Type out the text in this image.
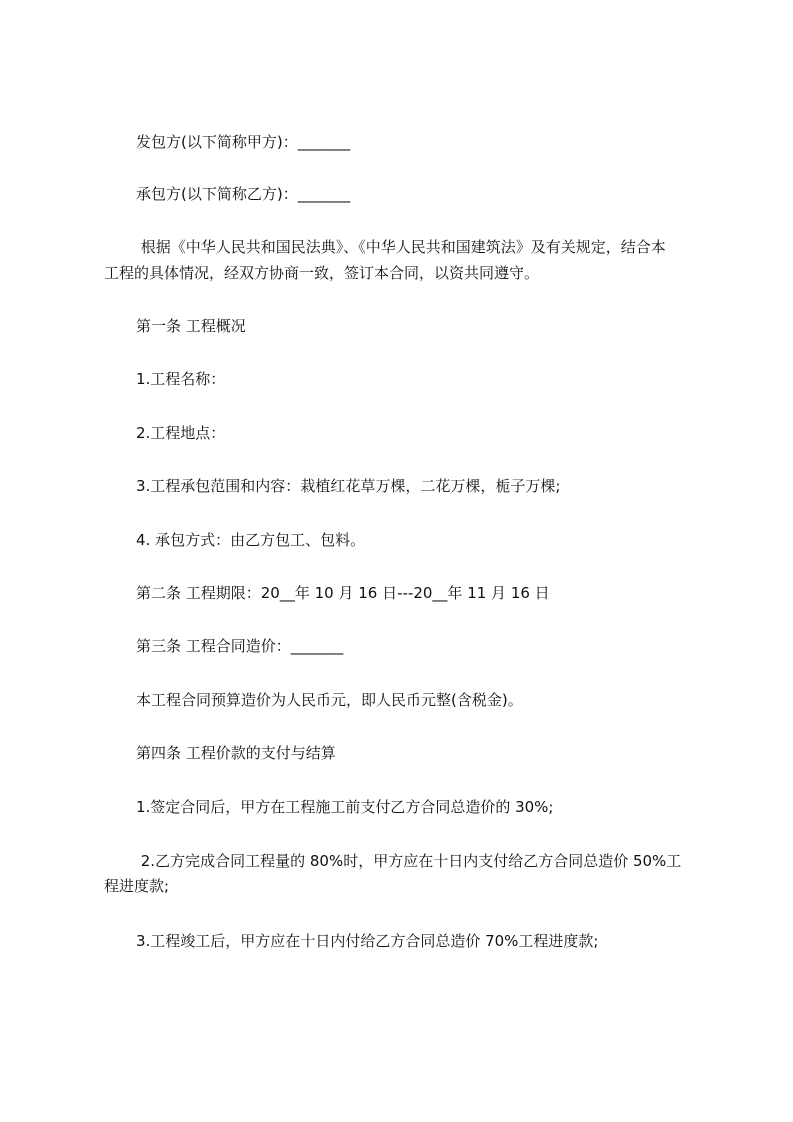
发包方(以下简称甲方)：_______

承包方(以下简称乙方)：_______

根据《中华人民共和国民法典》、《中华人民共和国建筑法》及有关规定，结合本

工程的具体情况，经双方协商一致，签订本合同，以资共同遵守。

第一条 工程概况

1.工程名称：

2.工程地点：

3.工程承包范围和内容：栽植红花草万棵，二花万棵，栀子万棵;

4. 承包方式：由乙方包工、包料。

第二条 工程期限：20__年 10 月 16 日---20__年 11 月 16 日

第三条 工程合同造价：_______

本工程合同预算造价为人民币元，即人民币元整(含税金)。

第四条 工程价款的支付与结算

1.签定合同后，甲方在工程施工前支付乙方合同总造价的 30%;

2.乙方完成合同工程量的 80%时，甲方应在十日内支付给乙方合同总造价 50%工

程进度款;

3.工程竣工后，甲方应在十日内付给乙方合同总造价 70%工程进度款;
